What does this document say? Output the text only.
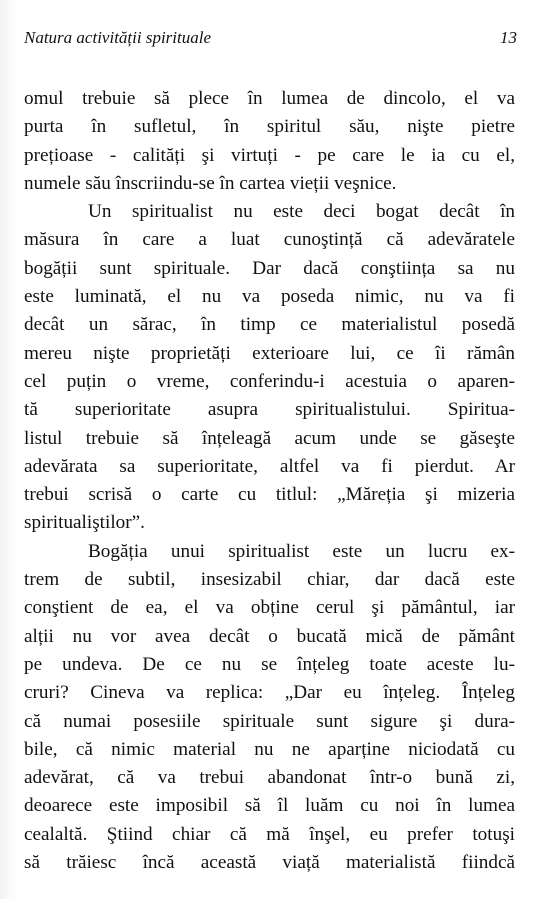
Natura activității spirituale	13
omul trebuie să plece în lumea de dincolo, el va
purta în sufletul, în spiritul său, nişte pietre
prețioase - calități şi virtuți - pe care le ia cu el,
numele său înscriindu-se în cartea vieții veşnice.
Un spiritualist nu este deci bogat decât în
măsura în care a luat cunoştință că adevăratele
bogății sunt spirituale. Dar dacă conştiința sa nu
este luminată, el nu va poseda nimic, nu va fi
decât un sărac, în timp ce materialistul posedă
mereu nişte proprietăți exterioare lui, ce îi rămân
cel puțin o vreme, conferindu-i acestuia o aparen-
tă superioritate asupra spiritualistului. Spiritua-
listul trebuie să înțeleagă acum unde se găseşte
adevărata sa superioritate, altfel va fi pierdut. Ar
trebui scrisă o carte cu titlul: „Măreția şi mizeria
spiritualiştilor”.
Bogăția unui spiritualist este un lucru ex-
trem de subtil, insesizabil chiar, dar dacă este
conştient de ea, el va obține cerul şi pământul, iar
alții nu vor avea decât o bucată mică de pământ
pe undeva. De ce nu se înțeleg toate aceste lu-
cruri? Cineva va replica: „Dar eu înțeleg. Înțeleg
că numai posesiile spirituale sunt sigure şi dura-
bile, că nimic material nu ne aparține niciodată cu
adevărat, că va trebui abandonat într-o bună zi,
deoarece este imposibil să îl luăm cu noi în lumea
cealaltă. Ştiind chiar că mă înşel, eu prefer totuşi
să trăiesc încă această viață materialistă fiindcă
